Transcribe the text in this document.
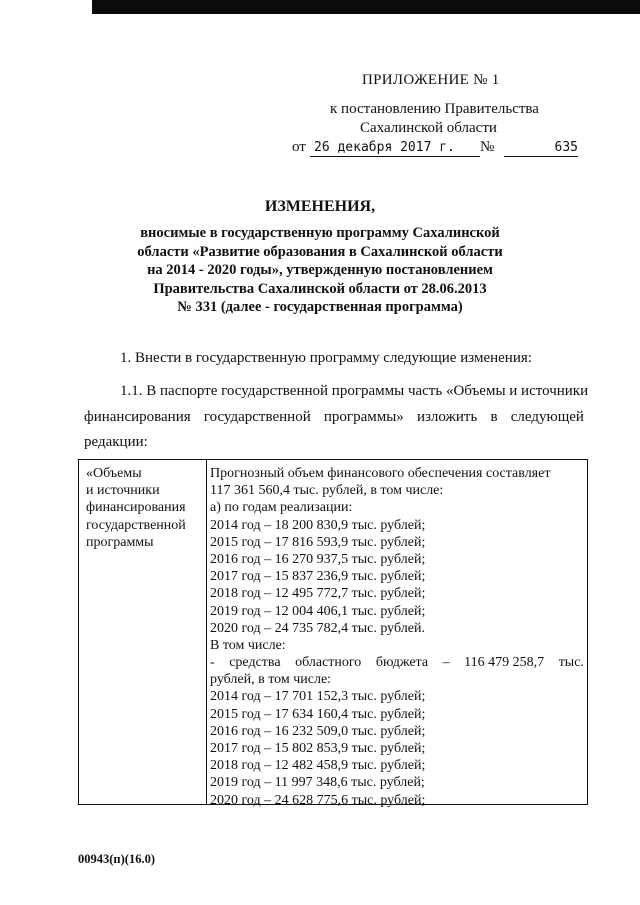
ПРИЛОЖЕНИЕ № 1
к постановлению Правительства
Сахалинской области
от 26 декабря 2017 г.	№	635
ИЗМЕНЕНИЯ,
вносимые в государственную программу Сахалинской
области «Развитие образования в Сахалинской области
на 2014 - 2020 годы», утвержденную постановлением
Правительства Сахалинской области от 28.06.2013
№ 331 (далее - государственная программа)
1. Внести в государственную программу следующие изменения:
1.1. В паспорте государственной программы часть «Объемы и источники
финансирования государственной программы» изложить в следующей
редакции:
«Объемы
и источники
финансирования
государственной
программы
Прогнозный объем финансового обеспечения составляет
117 361 560,4 тыс. рублей, в том числе:
а) по годам реализации:
2014 год – 18 200 830,9 тыс. рублей;
2015 год – 17 816 593,9 тыс. рублей;
2016 год – 16 270 937,5 тыс. рублей;
2017 год – 15 837 236,9 тыс. рублей;
2018 год – 12 495 772,7 тыс. рублей;
2019 год – 12 004 406,1 тыс. рублей;
2020 год – 24 735 782,4 тыс. рублей.
В том числе:
- средства областного бюджета – 116 479 258,7 тыс.
рублей, в том числе:
2014 год – 17 701 152,3 тыс. рублей;
2015 год – 17 634 160,4 тыс. рублей;
2016 год – 16 232 509,0 тыс. рублей;
2017 год – 15 802 853,9 тыс. рублей;
2018 год – 12 482 458,9 тыс. рублей;
2019 год – 11 997 348,6 тыс. рублей;
2020 год – 24 628 775,6 тыс. рублей;
00943(п)(16.0)
